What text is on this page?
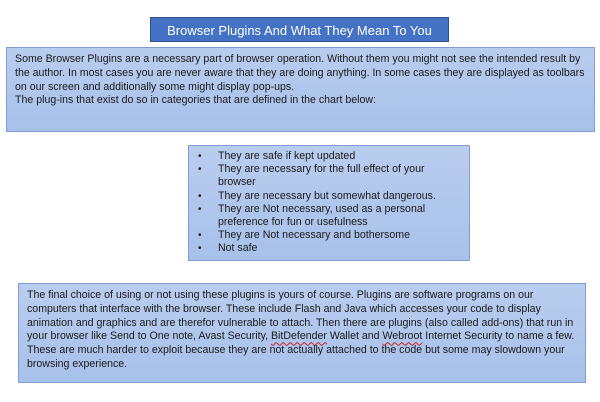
Browser Plugins And What They Mean To You

Some Browser Plugins are a necessary part of browser operation. Without them you might not see the intended result by the author. In most cases you are never aware that they are doing anything. In some cases they are displayed as toolbars on our screen and additionally some might display pop-ups.

The plug-ins that exist do so in categories that are defined in the chart below:

• They are safe if kept updated
• They are necessary for the full effect of your browser
• They are necessary but somewhat dangerous.
• They are Not necessary, used as a personal preference for fun or usefulness
• They are Not necessary and bothersome
• Not safe

The final choice of using or not using these plugins is yours of course. Plugins are software programs on our computers that interface with the browser. These include Flash and Java which accesses your code to display animation and graphics and are therefor vulnerable to attach. Then there are plugins (also called add-ons) that run in your browser like Send to One note, Avast Security, BitDefender Wallet and Webroot Internet Security to name a few. These are much harder to exploit because they are not actually attached to the code but some may slowdown your browsing experience.
